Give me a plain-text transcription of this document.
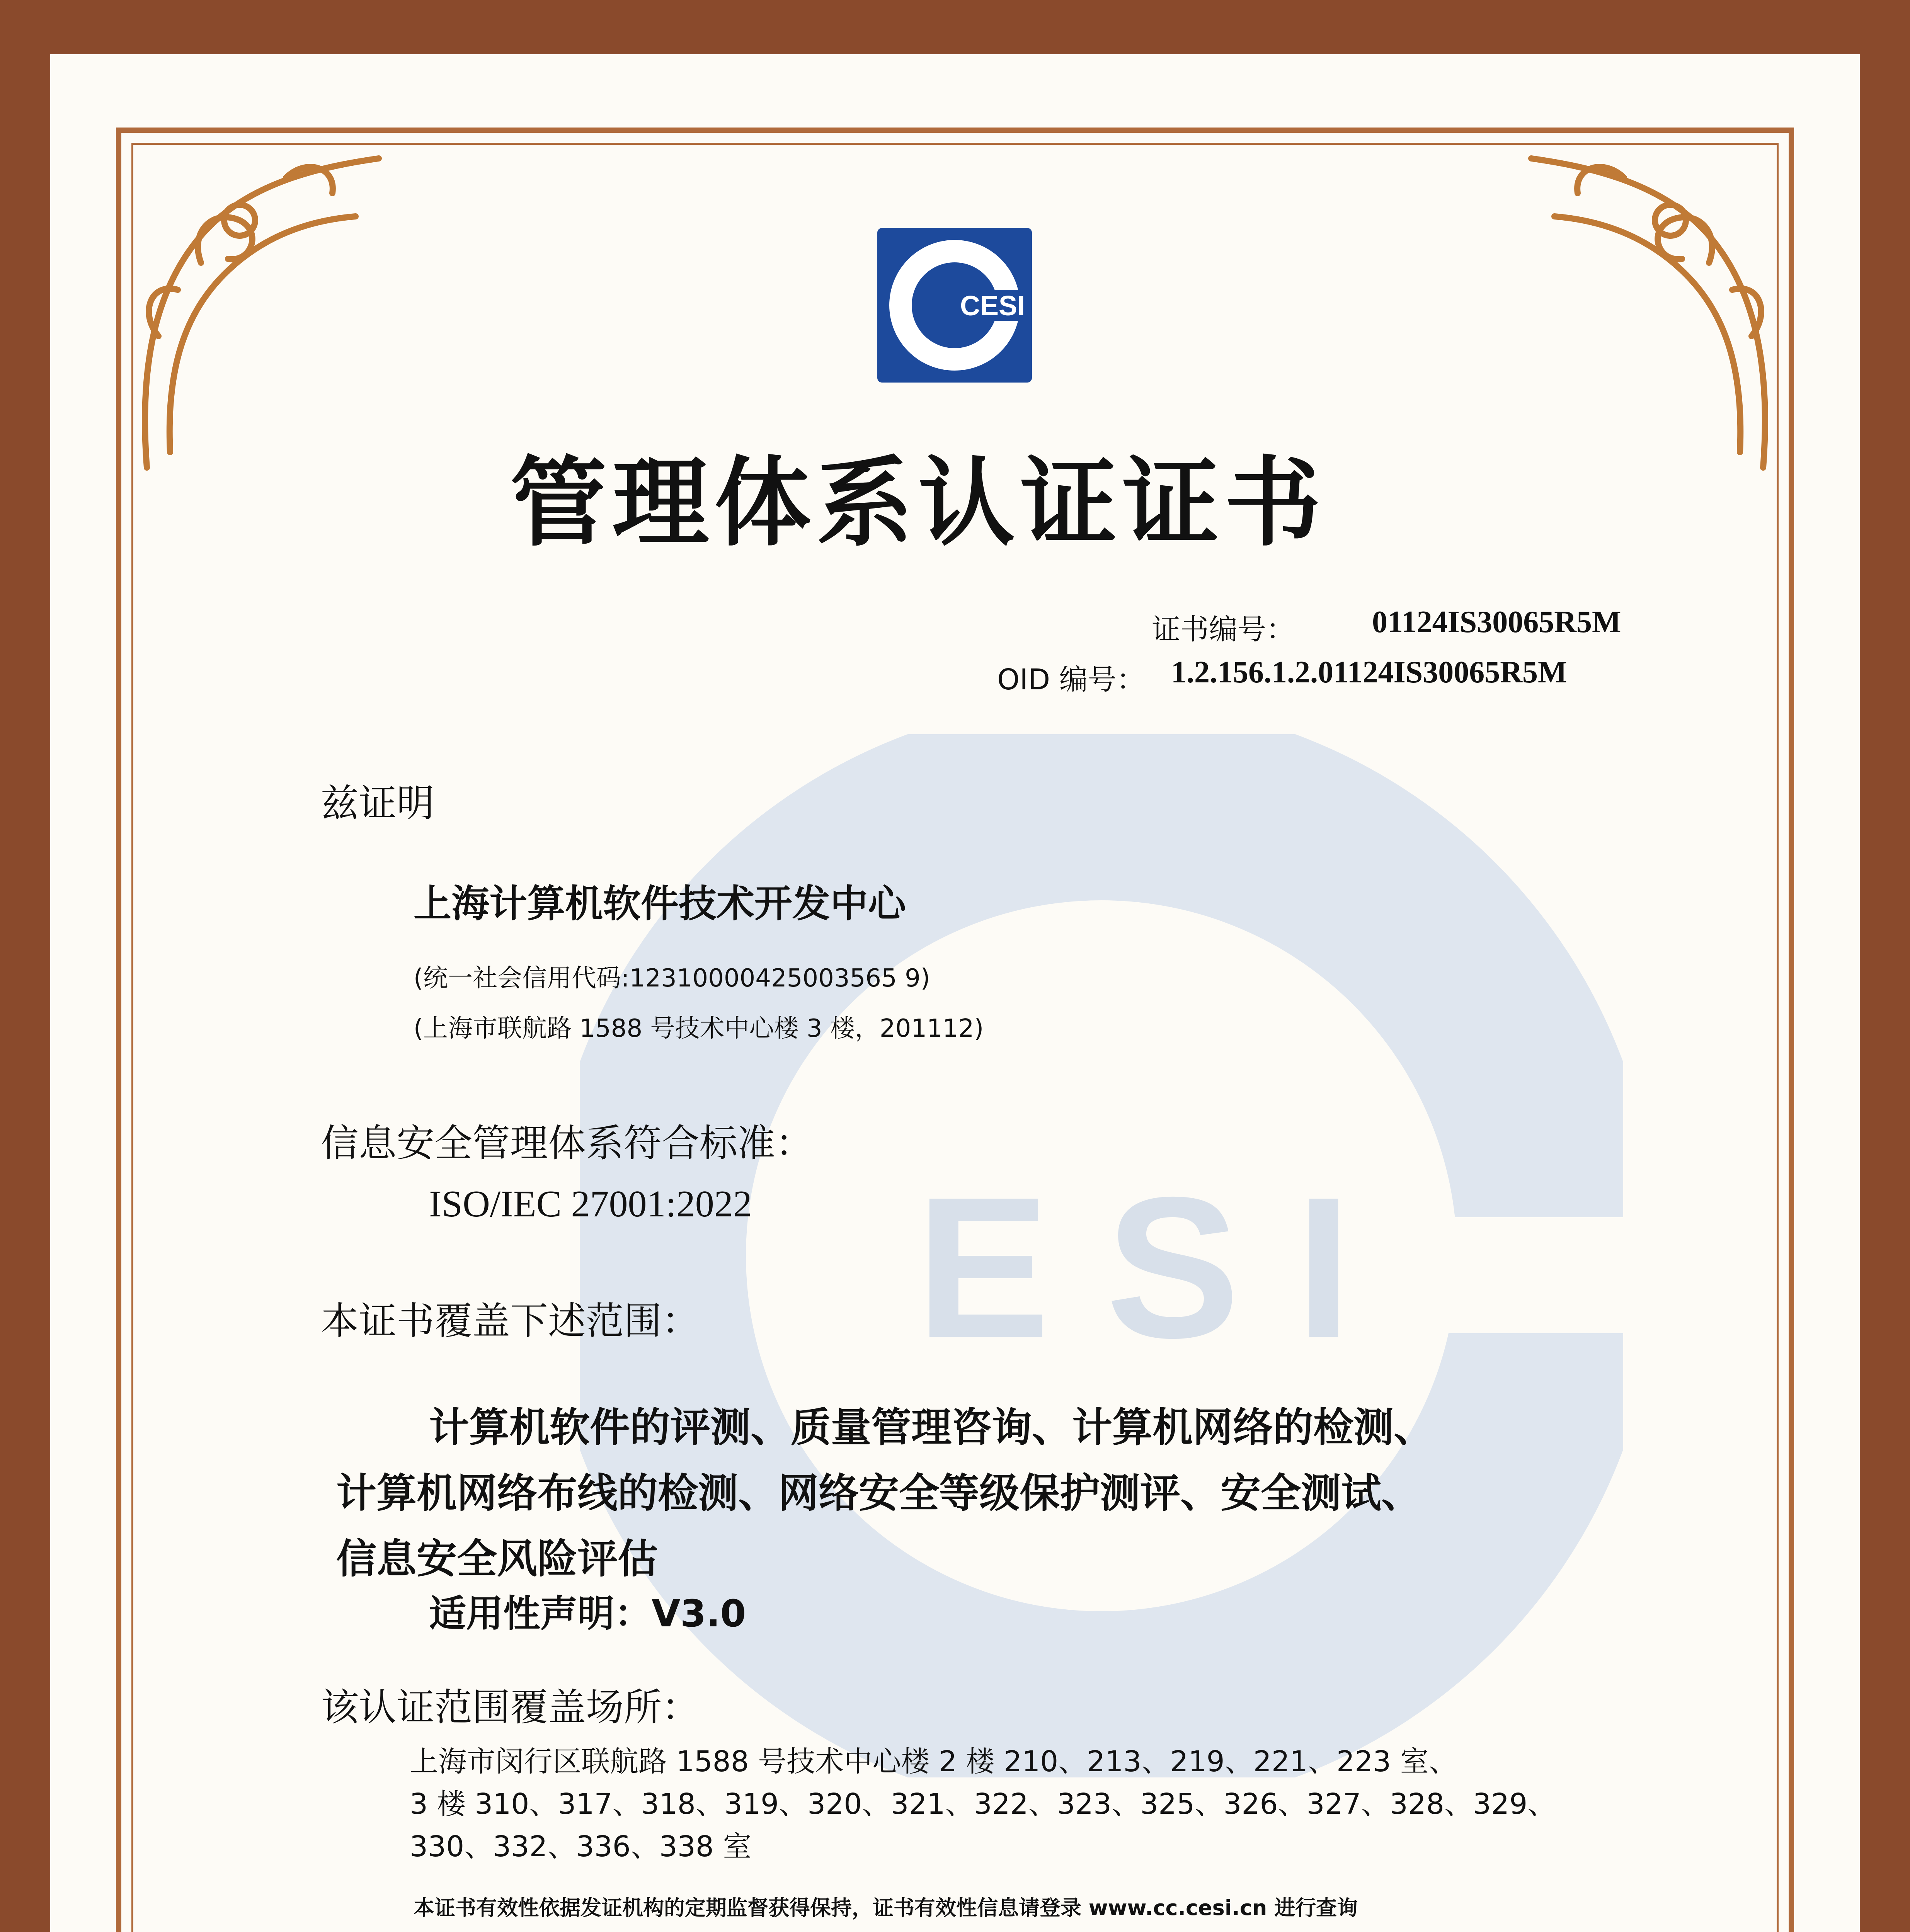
E S I
CESI
管理体系认证证书
证书编号：	01124IS30065R5M
OID 编号： 1.2.156.1.2.01124IS30065R5M
兹证明
上海计算机软件技术开发中心
(统一社会信用代码:12310000425003565 9)
(上海市联航路 1588 号技术中心楼 3 楼，201112)
信息安全管理体系符合标准：
ISO/IEC 27001:2022
本证书覆盖下述范围：
计算机软件的评测、质量管理咨询、计算机网络的检测、
计算机网络布线的检测、网络安全等级保护测评、安全测试、
信息安全风险评估
适用性声明：V3.0
该认证范围覆盖场所：
上海市闵行区联航路 1588 号技术中心楼 2 楼 210、213、219、221、223 室、
3 楼 310、317、318、319、320、321、322、323、325、326、327、328、329、
330、332、336、338 室
本证书有效性依据发证机构的定期监督获得保持，证书有效性信息请登录 www.cc.cesi.cn 进行查询
